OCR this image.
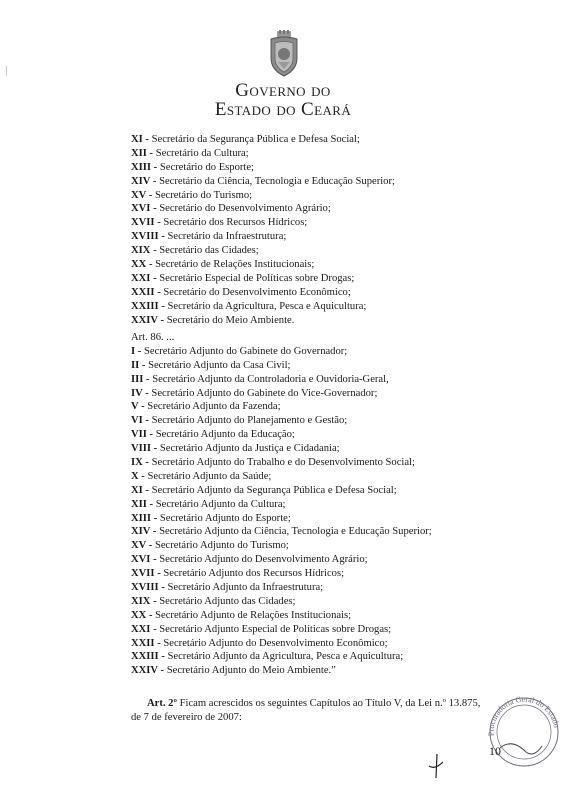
Governo do
Estado do Ceará
XI - Secretário da Segurança Pública e Defesa Social;
XII - Secretário da Cultura;
XIII - Secretário do Esporte;
XIV - Secretário da Ciência, Tecnologia e Educação Superior;
XV - Secretário do Turismo;
XVI - Secretário do Desenvolvimento Agrário;
XVII - Secretário dos Recursos Hídricos;
XVIII - Secretário da Infraestrutura;
XIX - Secretário das Cidades;
XX - Secretário de Relações Institucionais;
XXI - Secretário Especial de Políticas sobre Drogas;
XXII - Secretário do Desenvolvimento Econômico;
XXIII - Secretário da Agricultura, Pesca e Aquicultura;
XXIV - Secretário do Meio Ambiente.
Art. 86. ...
I - Secretário Adjunto do Gabinete do Governador;
II - Secretário Adjunto da Casa Civil;
III - Secretário Adjunto da Controladoria e Ouvidoria-Geral,
IV - Secretário Adjunto do Gabinete do Vice-Governador;
V - Secretário Adjunto da Fazenda;
VI - Secretário Adjunto do Planejamento e Gestão;
VII - Secretário Adjunto da Educação;
VIII - Secretário Adjunto da Justiça e Cidadania;
IX - Secretário Adjunto do Trabalho e do Desenvolvimento Social;
X - Secretário Adjunto da Saúde;
XI - Secretário Adjunto da Segurança Pública e Defesa Social;
XII - Secretário Adjunto da Cultura;
XIII - Secretário Adjunto do Esporte;
XIV - Secretário Adjunto da Ciência, Tecnologia e Educação Superior;
XV - Secretário Adjunto do Turismo;
XVI - Secretário Adjunto do Desenvolvimento Agrário;
XVII - Secretário Adjunto dos Recursos Hídricos;
XVIII - Secretário Adjunto da Infraestrutura;
XIX - Secretário Adjunto das Cidades;
XX - Secretário Adjunto de Relações Institucionais;
XXI - Secretário Adjunto Especial de Políticas sobre Drogas;
XXII - Secretário Adjunto do Desenvolvimento Econômico;
XXIII - Secretário Adjunto da Agricultura, Pesca e Aquicultura;
XXIV - Secretário Adjunto do Meio Ambiente.”
Art. 2º Ficam acrescidos os seguintes Capítulos ao Título V, da Lei n.º 13.875,
de 7 de fevereiro de 2007:
Procuradoria Geral do Estado
10
